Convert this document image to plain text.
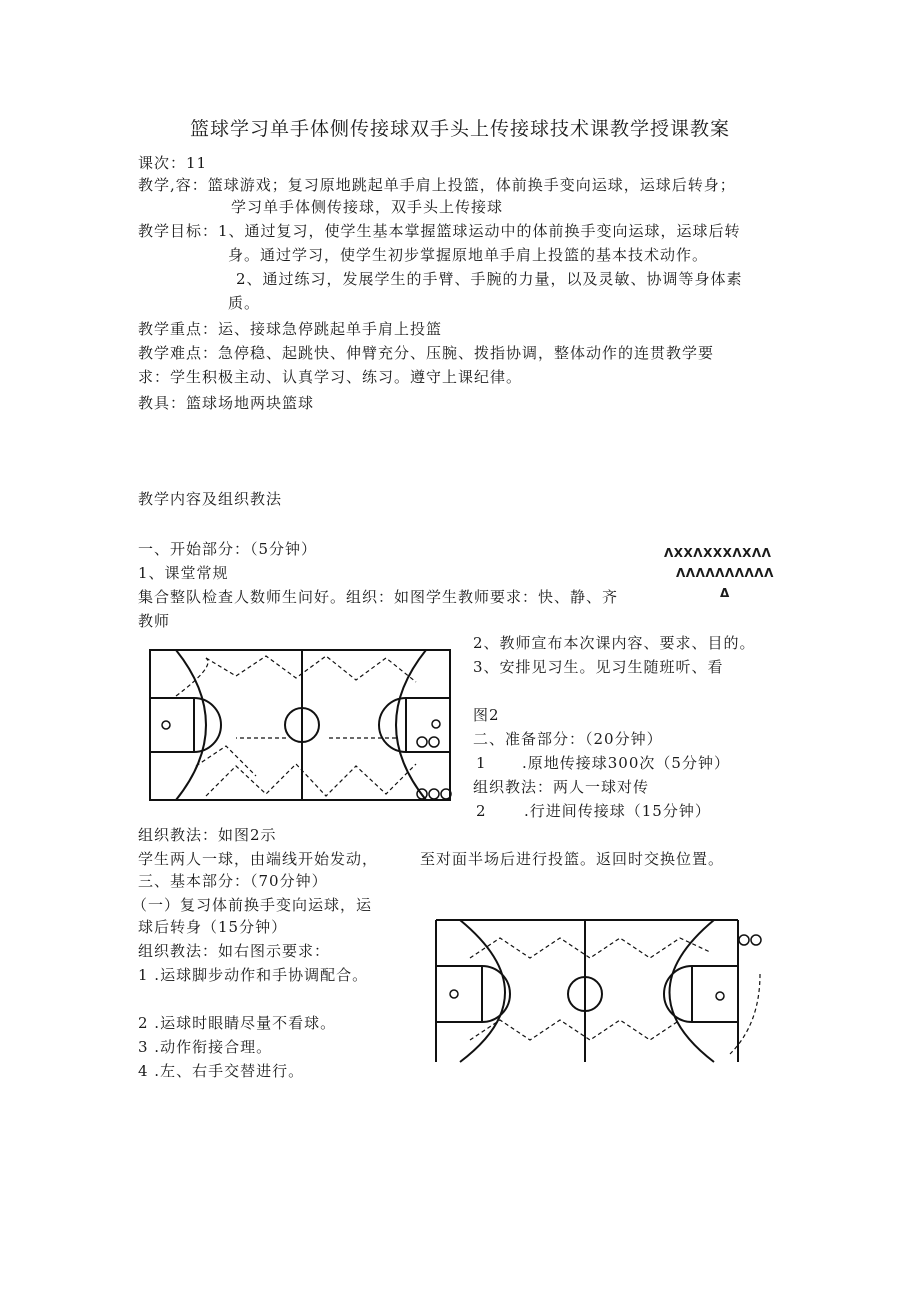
篮球学习单手体侧传接球双手头上传接球技术课教学授课教案
课次：11
教学,容：篮球游戏；复习原地跳起单手肩上投篮，体前换手变向运球，运球后转身；
学习单手体侧传接球，双手头上传接球
教学目标：1、通过复习，使学生基本掌握篮球运动中的体前换手变向运球，运球后转
身。通过学习，使学生初步掌握原地单手肩上投篮的基本技术动作。
2、通过练习，发展学生的手臂、手腕的力量，以及灵敏、协调等身体素
质。
教学重点：运、接球急停跳起单手肩上投篮
教学难点：急停稳、起跳快、伸臂充分、压腕、拨指协调，整体动作的连贯教学要
求：学生积极主动、认真学习、练习。遵守上课纪律。
教具：篮球场地两块篮球
教学内容及组织教法
一、开始部分：（5分钟）
1、课堂常规
集合整队检查人数师生问好。组织：如图学生教师要求：快、静、齐
教师
ΛXXΛXXXΛXΛΛ
ΛΛΛΛΛΛΛΛΛΛ
Δ
2、教师宣布本次课内容、要求、目的。
3、安排见习生。见习生随班听、看
图2
二、准备部分：（20分钟）
1 .原地传接球300次（5分钟）
组织教法：两人一球对传
2 .行进间传接球（15分钟）
组织教法：如图2示
学生两人一球，由端线开始发动，	至对面半场后进行投篮。返回时交换位置。
三、基本部分：（70分钟）
（一）复习体前换手变向运球，运
球后转身（15分钟）
组织教法：如右图示要求：
1 .运球脚步动作和手协调配合。
2 .运球时眼睛尽量不看球。
3 .动作衔接合理。
4 .左、右手交替进行。
